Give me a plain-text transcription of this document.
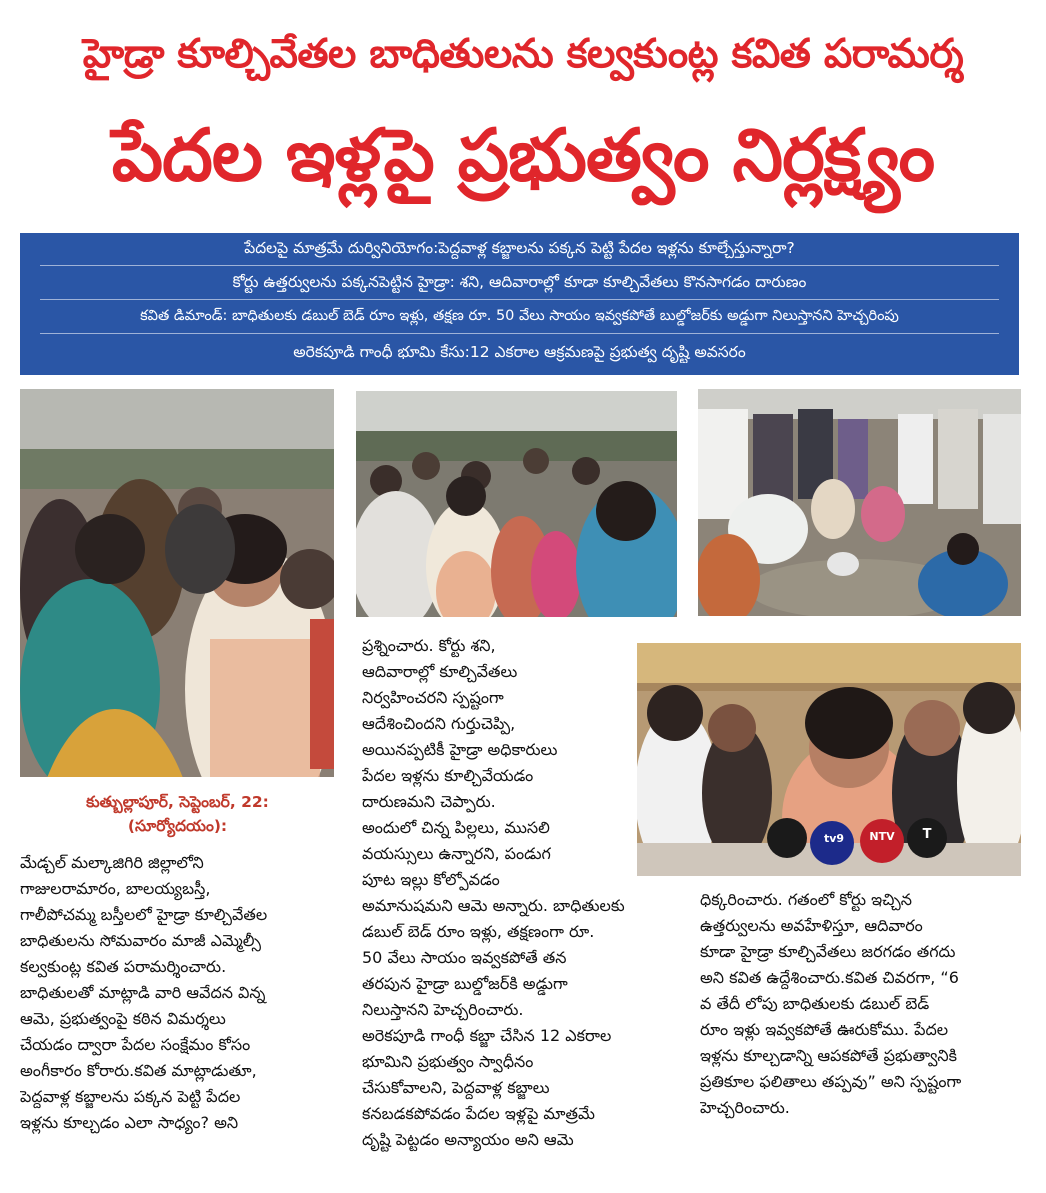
హైడ్రా కూల్చివేతల బాధితులను కల్వకుంట్ల కవిత పరామర్శ
పేదల ఇళ్లపై ప్రభుత్వం నిర్లక్ష్యం
పేదలపై మాత్రమే దుర్వినియోగం:పెద్దవాళ్ల కబ్జాలను పక్కన పెట్టి పేదల ఇళ్లను కూల్చేస్తున్నారా?
కోర్టు ఉత్తర్వులను పక్కనపెట్టిన హైడ్రా: శని, ఆదివారాల్లో కూడా కూల్చివేతలు కొనసాగడం దారుణం
కవిత డిమాండ్: బాధితులకు డబుల్ బెడ్ రూం ఇళ్లు, తక్షణ రూ. 50 వేలు సాయం ఇవ్వకపోతే బుల్డోజర్‌కు అడ్డుగా నిలుస్తానని హెచ్చరింపు
అరెకపూడి గాంధీ భూమి కేసు:12 ఎకరాల ఆక్రమణపై ప్రభుత్వ దృష్టి అవసరం
tv9	NTV	T
కుత్బుల్లాపూర్, సెప్టెంబర్, 22:
(సూర్యోదయం):

మేడ్చల్ మల్కాజిగిరి జిల్లాలోని

గాజులరామారం, బాలయ్యబస్తీ,

గాలీపోచమ్మ బస్తీలలో హైడ్రా కూల్చివేతల

బాధితులను సోమవారం మాజీ ఎమ్మెల్సీ

కల్వకుంట్ల కవిత పరామర్శించారు.

బాధితులతో మాట్లాడి వారి ఆవేదన విన్న

ఆమె, ప్రభుత్వంపై కఠిన విమర్శలు

చేయడం ద్వారా పేదల సంక్షేమం కోసం

అంగీకారం కోరారు.కవిత మాట్లాడుతూ,

పెద్దవాళ్ల కబ్జాలను పక్కన పెట్టి పేదల

ఇళ్లను కూల్చడం ఎలా సాధ్యం? అని

ప్రశ్నించారు. కోర్టు శని,

ఆదివారాల్లో కూల్చివేతలు

నిర్వహించరని స్పష్టంగా

ఆదేశించిందని గుర్తుచెప్పి,

అయినప్పటికీ హైడ్రా అధికారులు

పేదల ఇళ్లను కూల్చివేయడం

దారుణమని చెప్పారు.

అందులో చిన్న పిల్లలు, ముసలి

వయస్సులు ఉన్నారని, పండుగ

పూట ఇల్లు కోల్పోవడం

అమానుషమని ఆమె అన్నారు. బాధితులకు

డబుల్ బెడ్ రూం ఇళ్లు, తక్షణంగా రూ.

50 వేలు సాయం ఇవ్వకపోతే తన

తరపున హైడ్రా బుల్డోజర్‌కి అడ్డుగా

నిలుస్తానని హెచ్చరించారు.

అరెకపూడి గాంధీ కబ్జా చేసిన 12 ఎకరాల

భూమిని ప్రభుత్వం స్వాధీనం

చేసుకోవాలని, పెద్దవాళ్ల కబ్జాలు

కనబడకపోవడం పేదల ఇళ్లపై మాత్రమే

దృష్టి పెట్టడం అన్యాయం అని ఆమె

ధిక్కరించారు. గతంలో కోర్టు ఇచ్చిన

ఉత్తర్వులను అవహేళిస్తూ, ఆదివారం

కూడా హైడ్రా కూల్చివేతలు జరగడం తగదు

అని కవిత ఉద్దేశించారు.కవిత చివరగా, “6

వ తేదీ లోపు బాధితులకు డబుల్ బెడ్

రూం ఇళ్లు ఇవ్వకపోతే ఊరుకోము. పేదల

ఇళ్లను కూల్చడాన్ని ఆపకపోతే ప్రభుత్వానికి

ప్రతికూల ఫలితాలు తప్పవు” అని స్పష్టంగా

హెచ్చరించారు.
